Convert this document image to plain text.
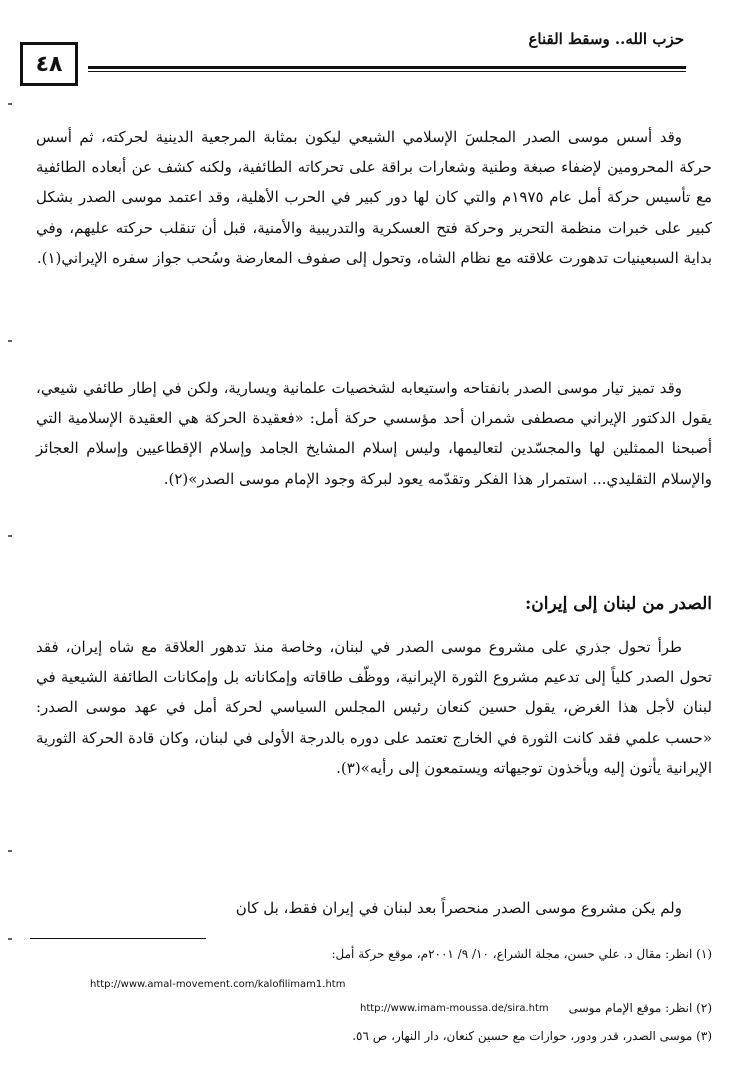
حزب الله.. وسقط القناع
٤٨

وقد أسس موسى الصدر المجلسَ الإسلامي الشيعي ليكون بمثابة المرجعية الدينية لحركته، ثم أسس حركة المحرومين لإضفاء صبغة وطنية وشعارات براقة على تحركاته الطائفية، ولكنه كشف عن أبعاده الطائفية مع تأسيس حركة أمل عام ١٩٧٥م والتي كان لها دور كبير في الحرب الأهلية، وقد اعتمد موسى الصدر بشكل كبير على خبرات منظمة التحرير وحركة فتح العسكرية والتدريبية والأمنية، قبل أن تنقلب حركته عليهم، وفي بداية السبعينيات تدهورت علاقته مع نظام الشاه، وتحول إلى صفوف المعارضة وسُحب جواز سفره الإيراني(١).

وقد تميز تيار موسى الصدر بانفتاحه واستيعابه لشخصيات علمانية ويسارية، ولكن في إطار طائفي شيعي، يقول الدكتور الإيراني مصطفى شمران أحد مؤسسي حركة أمل: «فعقيدة الحركة هي العقيدة الإسلامية التي أصبحنا الممثلين لها والمجسّدين لتعاليمها، وليس إسلام المشايخ الجامد وإسلام الإقطاعيين وإسلام العجائز والإسلام التقليدي... استمرار هذا الفكر وتقدّمه يعود لبركة وجود الإمام موسى الصدر»(٢).

الصدر من لبنان إلى إيران:

طرأ تحول جذري على مشروع موسى الصدر في لبنان، وخاصة منذ تدهور العلاقة مع شاه إيران، فقد تحول الصدر كلياً إلى تدعيم مشروع الثورة الإيرانية، ووظّف طاقاته وإمكاناته بل وإمكانات الطائفة الشيعية في لبنان لأجل هذا الغرض، يقول حسين كنعان رئيس المجلس السياسي لحركة أمل في عهد موسى الصدر: «حسب علمي فقد كانت الثورة في الخارج تعتمد على دوره بالدرجة الأولى في لبنان، وكان قادة الحركة الثورية الإيرانية يأتون إليه ويأخذون توجيهاته ويستمعون إلى رأيه»(٣).

ولم يكن مشروع موسى الصدر منحصراً بعد لبنان في إيران فقط، بل كان

(١) انظر: مقال د. علي حسن، مجلة الشراع، ١٠/ ٩/ ٢٠٠١م، موقع حركة أمل:
http://www.amal-movement.com/kalofilimam1.htm
(٢) انظر: موقع الإمام موسى
http://www.imam-moussa.de/sira.htm
(٣) موسى الصدر، قدر ودور، حوارات مع حسين كنعان، دار النهار، ص ٥٦.
